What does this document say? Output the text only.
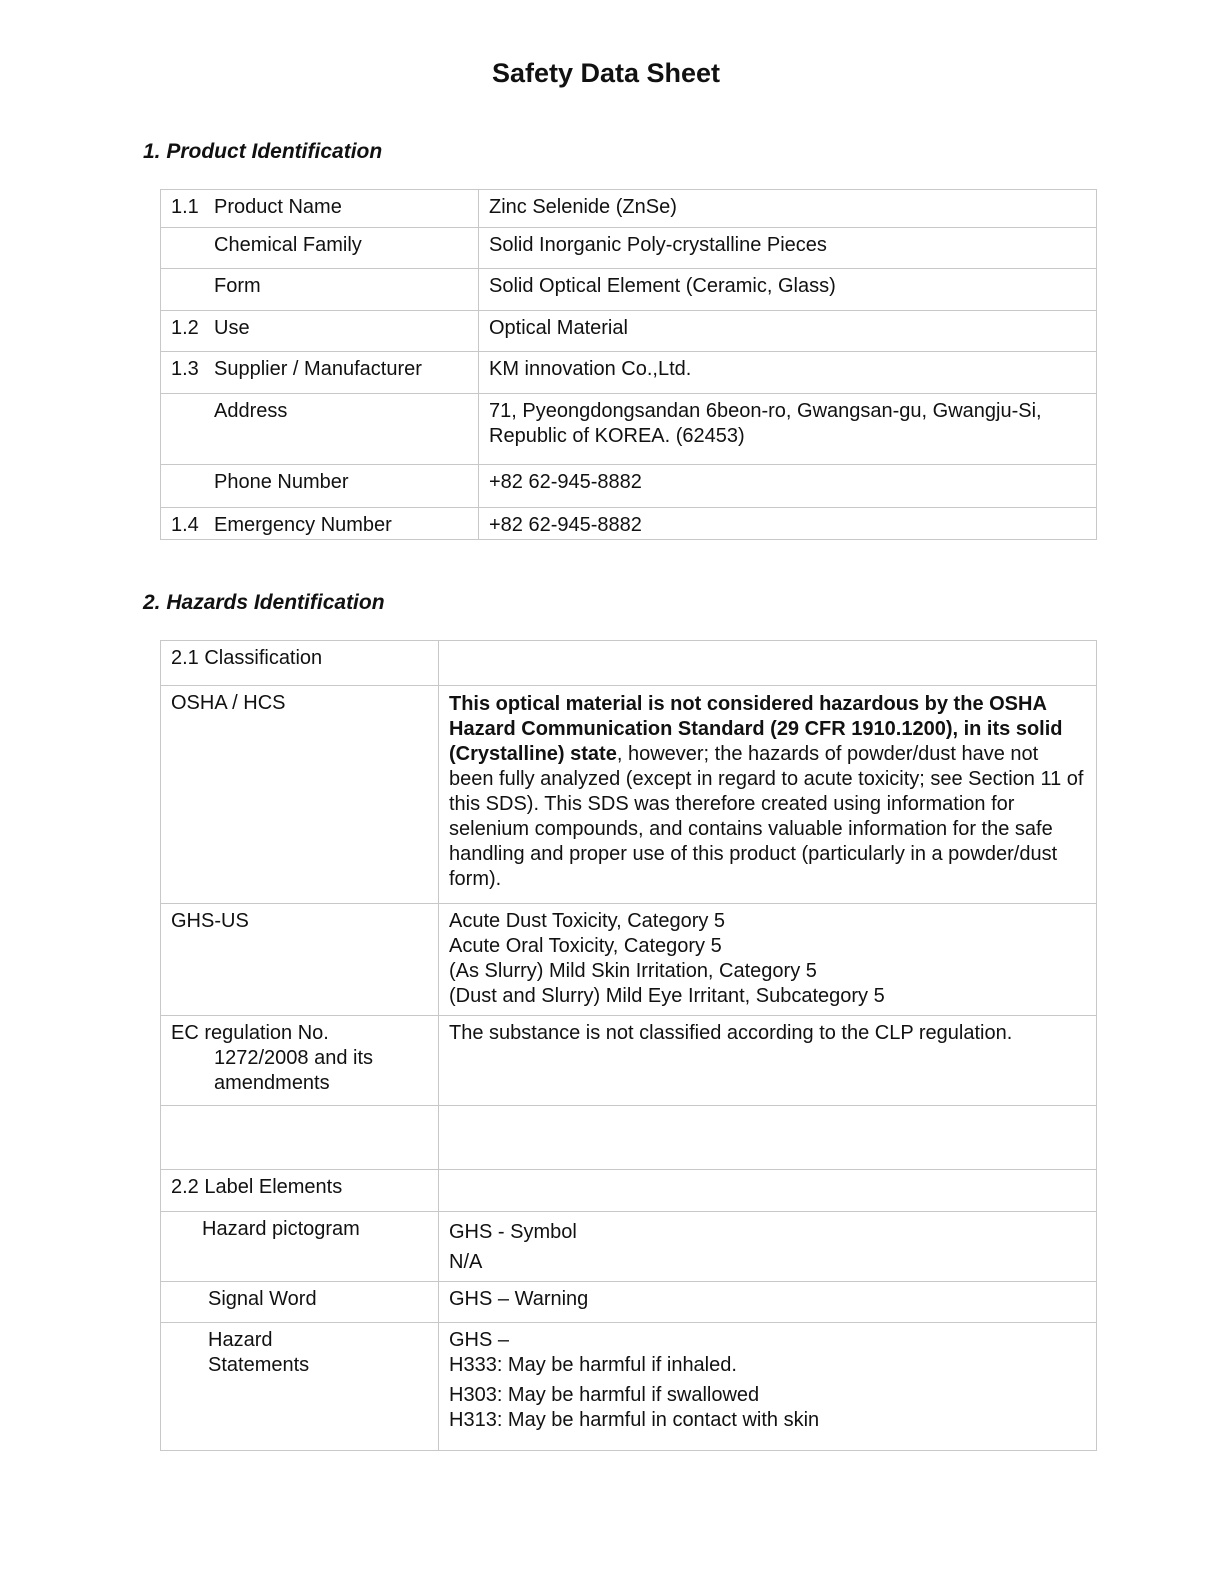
Safety Data Sheet
1. Product Identification
1.1 Product Name	Zinc Selenide (ZnSe)
Chemical Family	Solid Inorganic Poly-crystalline Pieces
Form	Solid Optical Element (Ceramic, Glass)
1.2 Use	Optical Material
1.3 Supplier / Manufacturer	KM innovation Co.,Ltd.
Address	71, Pyeongdongsandan 6beon-ro, Gwangsan-gu, Gwangju-Si, Republic of KOREA. (62453)
Phone Number	+82 62-945-8882
1.4 Emergency Number	+82 62-945-8882
2. Hazards Identification
2.1 Classification	
OSHA / HCS	This optical material is not considered hazardous by the OSHA Hazard Communication Standard (29 CFR 1910.1200), in its solid (Crystalline) state, however; the hazards of powder/dust have not been fully analyzed (except in regard to acute toxicity; see Section 11 of this SDS). This SDS was therefore created using information for selenium compounds, and contains valuable information for the safe handling and proper use of this product (particularly in a powder/dust form).
GHS-US	Acute Dust Toxicity, Category 5
Acute Oral Toxicity, Category 5
(As Slurry) Mild Skin Irritation, Category 5
(Dust and Slurry) Mild Eye Irritant, Subcategory 5

EC regulation No.
1272/2008 and its amendments	The substance is not classified according to the CLP regulation.

2.2 Label Elements	
Hazard pictogram	GHS - Symbol
N/A

Signal Word	GHS – Warning

Hazard
Statements	GHS –
H333: May be harmful if inhaled.
H303: May be harmful if swallowed
H313: May be harmful in contact with skin
